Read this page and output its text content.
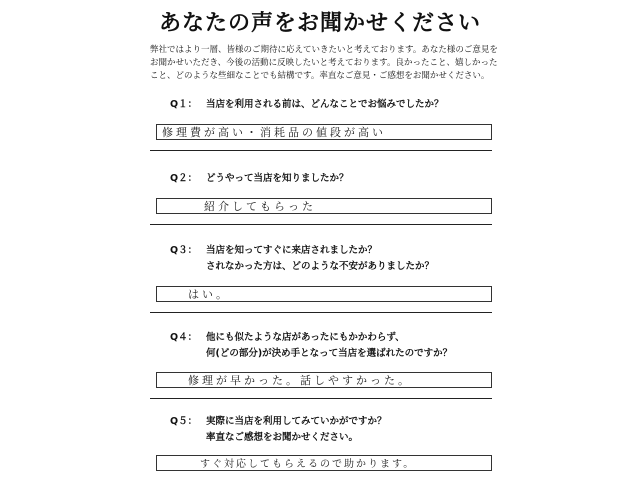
あなたの声をお聞かせください
弊社ではより一層、皆様のご期待に応えていきたいと考えております。あなた様のご意見を
お聞かせいただき、今後の活動に反映したいと考えております。良かったこと、嬉しかった
こと、どのような些細なことでも結構です。率直なご意見・ご感想をお聞かせください。
Q１： 当店を利用される前は、どんなことでお悩みでしたか？
修理費が高い・消耗品の値段が高い
Q２： どうやって当店を知りましたか？
紹介してもらった
Q３： 当店を知ってすぐに来店されましたか？
されなかった方は、どのような不安がありましたか？
はい。
Q４： 他にも似たような店があったにもかかわらず、
何(どの部分)が決め手となって当店を選ばれたのですか？
修理が早かった。話しやすかった。
Q５： 実際に当店を利用してみていかがですか？
率直なご感想をお聞かせください。
すぐ対応してもらえるので助かります。
